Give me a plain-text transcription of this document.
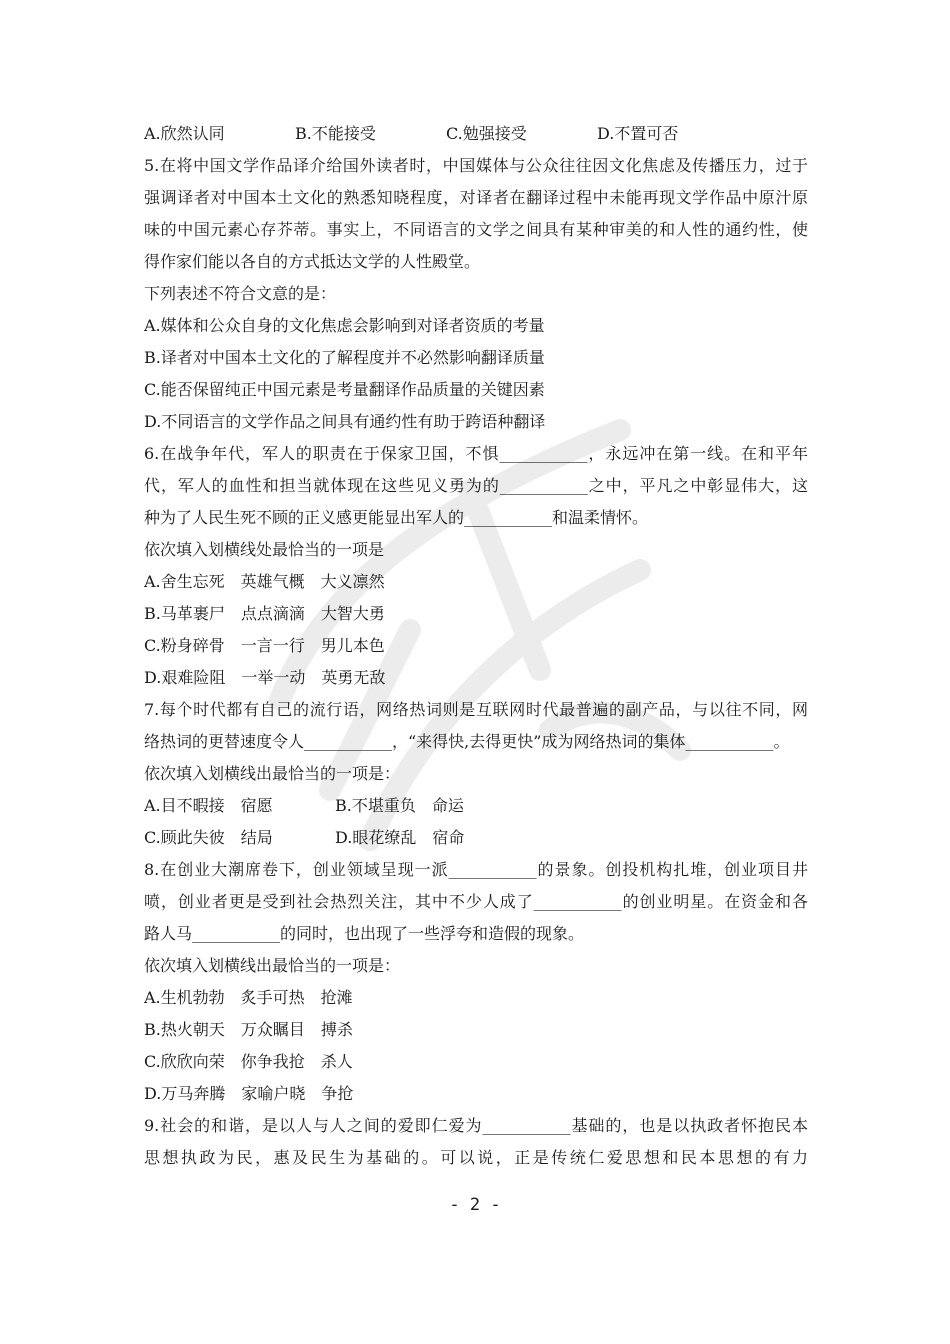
A.欣然认同	B.不能接受	C.勉强接受	D.不置可否
5.在将中国文学作品译介给国外读者时，中国媒体与公众往往因文化焦虑及传播压力，过于
强调译者对中国本土文化的熟悉知晓程度，对译者在翻译过程中未能再现文学作品中原汁原
味的中国元素心存芥蒂。事实上，不同语言的文学之间具有某种审美的和人性的通约性，使
得作家们能以各自的方式抵达文学的人性殿堂。
下列表述不符合文意的是：
A.媒体和公众自身的文化焦虑会影响到对译者资质的考量
B.译者对中国本土文化的了解程度并不必然影响翻译质量
C.能否保留纯正中国元素是考量翻译作品质量的关键因素
D.不同语言的文学作品之间具有通约性有助于跨语种翻译
6.在战争年代，军人的职责在于保家卫国，不惧___________，永远冲在第一线。在和平年
代，军人的血性和担当就体现在这些见义勇为的___________之中，平凡之中彰显伟大，这
种为了人民生死不顾的正义感更能显出军人的___________和温柔情怀。
依次填入划横线处最恰当的一项是
A.舍生忘死　英雄气概　大义凛然
B.马革裹尸　点点滴滴　大智大勇
C.粉身碎骨　一言一行　男儿本色
D.艰难险阻　一举一动　英勇无敌
7.每个时代都有自己的流行语，网络热词则是互联网时代最普遍的副产品，与以往不同，网
络热词的更替速度令人___________，“来得快,去得更快”成为网络热词的集体___________。
依次填入划横线出最恰当的一项是：
A.目不暇接　宿愿	B.不堪重负　命运
C.顾此失彼　结局	D.眼花缭乱　宿命
8.在创业大潮席卷下，创业领域呈现一派___________的景象。创投机构扎堆，创业项目井
喷，创业者更是受到社会热烈关注，其中不少人成了___________的创业明星。在资金和各
路人马___________的同时，也出现了一些浮夸和造假的现象。
依次填入划横线出最恰当的一项是：
A.生机勃勃　炙手可热　抢滩
B.热火朝天　万众瞩目　搏杀
C.欣欣向荣　你争我抢　杀人
D.万马奔腾　家喻户晓　争抢
9.社会的和谐，是以人与人之间的爱即仁爱为___________基础的，也是以执政者怀抱民本
思想执政为民，惠及民生为基础的。可以说，正是传统仁爱思想和民本思想的有力
- 2 -
